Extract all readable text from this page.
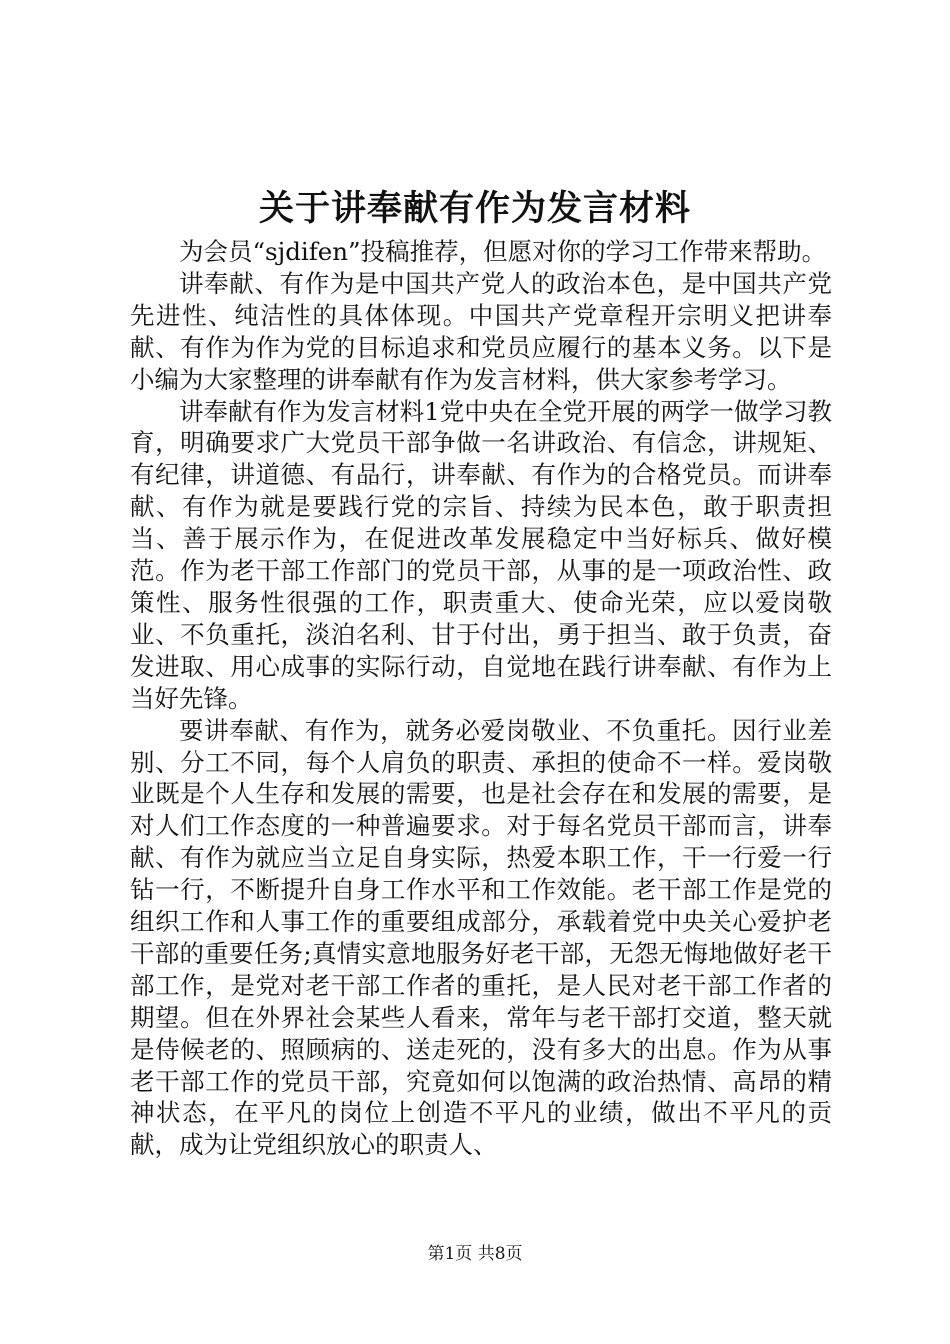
关于讲奉献有作为发言材料

为会员“sjdifen”投稿推荐，但愿对你的学习工作带来帮助。

讲奉献、有作为是中国共产党人的政治本色，是中国共产党先进性、纯洁性的具体体现。中国共产党章程开宗明义把讲奉献、有作为作为党的目标追求和党员应履行的基本义务。以下是小编为大家整理的讲奉献有作为发言材料，供大家参考学习。

讲奉献有作为发言材料1党中央在全党开展的两学一做学习教育，明确要求广大党员干部争做一名讲政治、有信念，讲规矩、有纪律，讲道德、有品行，讲奉献、有作为的合格党员。而讲奉献、有作为就是要践行党的宗旨、持续为民本色，敢于职责担当、善于展示作为，在促进改革发展稳定中当好标兵、做好模范。作为老干部工作部门的党员干部，从事的是一项政治性、政策性、服务性很强的工作，职责重大、使命光荣，应以爱岗敬业、不负重托，淡泊名利、甘于付出，勇于担当、敢于负责，奋发进取、用心成事的实际行动，自觉地在践行讲奉献、有作为上当好先锋。

要讲奉献、有作为，就务必爱岗敬业、不负重托。因行业差别、分工不同，每个人肩负的职责、承担的使命不一样。爱岗敬业既是个人生存和发展的需要，也是社会存在和发展的需要，是对人们工作态度的一种普遍要求。对于每名党员干部而言，讲奉献、有作为就应当立足自身实际，热爱本职工作，干一行爱一行钻一行，不断提升自身工作水平和工作效能。老干部工作是党的组织工作和人事工作的重要组成部分，承载着党中央关心爱护老干部的重要任务;真情实意地服务好老干部，无怨无悔地做好老干部工作，是党对老干部工作者的重托，是人民对老干部工作者的期望。但在外界社会某些人看来，常年与老干部打交道，整天就是侍候老的、照顾病的、送走死的，没有多大的出息。作为从事老干部工作的党员干部，究竟如何以饱满的政治热情、高昂的精神状态，在平凡的岗位上创造不平凡的业绩，做出不平凡的贡献，成为让党组织放心的职责人、

第1页 共8页
